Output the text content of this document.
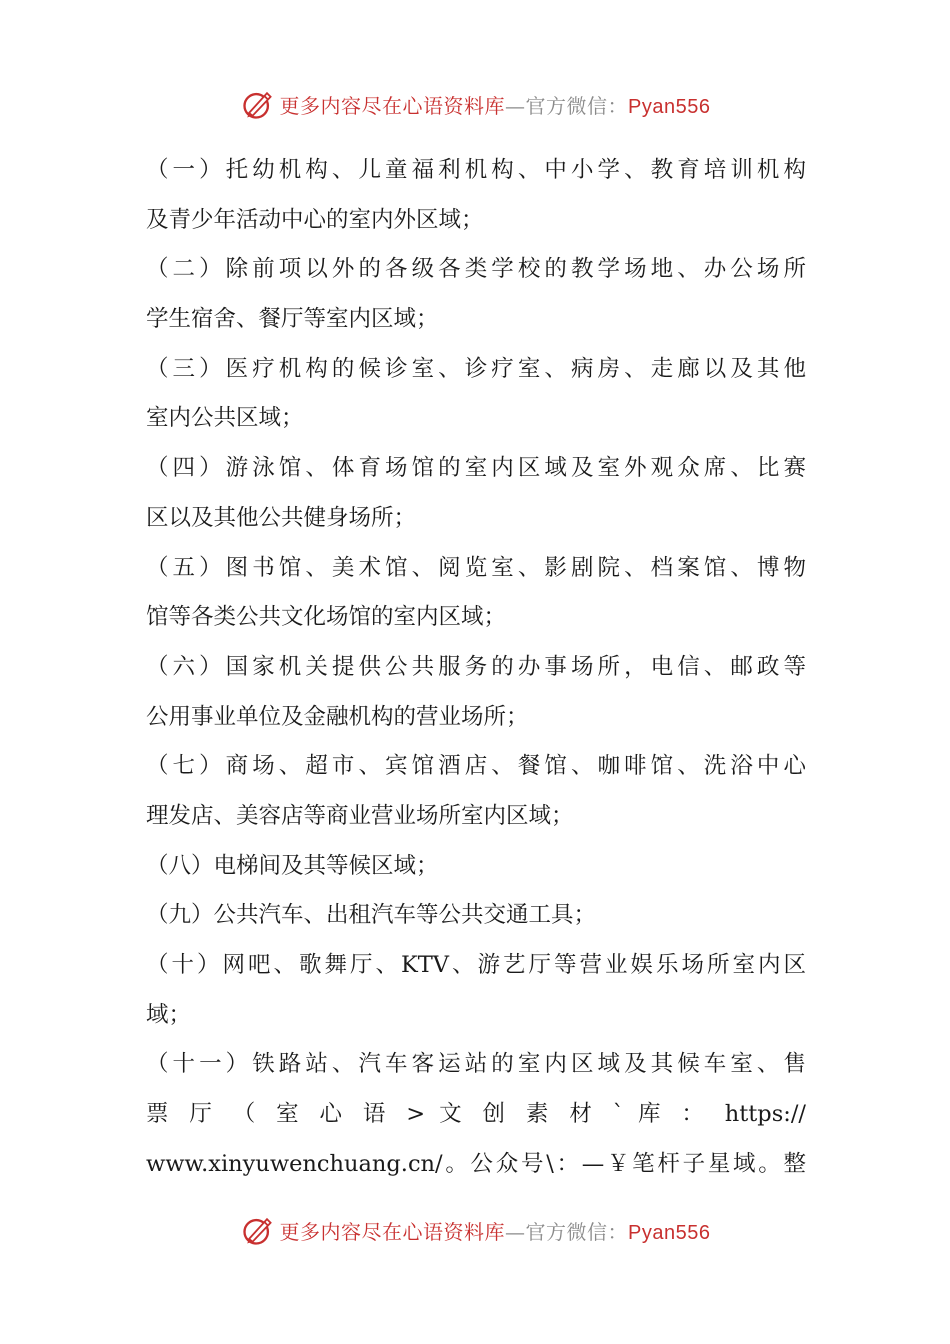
更多内容尽在心语资料库—官方微信：Pyan556
（一）托幼机构、儿童福利机构、中小学、教育培训机构
及青少年活动中心的室内外区域；
（二）除前项以外的各级各类学校的教学场地、办公场所
学生宿舍、餐厅等室内区域；
（三）医疗机构的候诊室、诊疗室、病房、走廊以及其他
室内公共区域；
（四）游泳馆、体育场馆的室内区域及室外观众席、比赛
区以及其他公共健身场所；
（五）图书馆、美术馆、阅览室、影剧院、档案馆、博物
馆等各类公共文化场馆的室内区域；
（六）国家机关提供公共服务的办事场所，电信、邮政等
公用事业单位及金融机构的营业场所；
（七）商场、超市、宾馆酒店、餐馆、咖啡馆、洗浴中心
理发店、美容店等商业营业场所室内区域；
（八）电梯间及其等候区域；
（九）公共汽车、出租汽车等公共交通工具；
（十）网吧、歌舞厅、KTV、游艺厅等营业娱乐场所室内区
域；
（十一）铁路站、汽车客运站的室内区域及其候车室、售
票 厅 （ 室 心 语 > 文 创 素 材 ` 库 ： https://
www.xinyuwenchuang.cn/。公众号\：—￥笔杆子星域。整
更多内容尽在心语资料库—官方微信：Pyan556
